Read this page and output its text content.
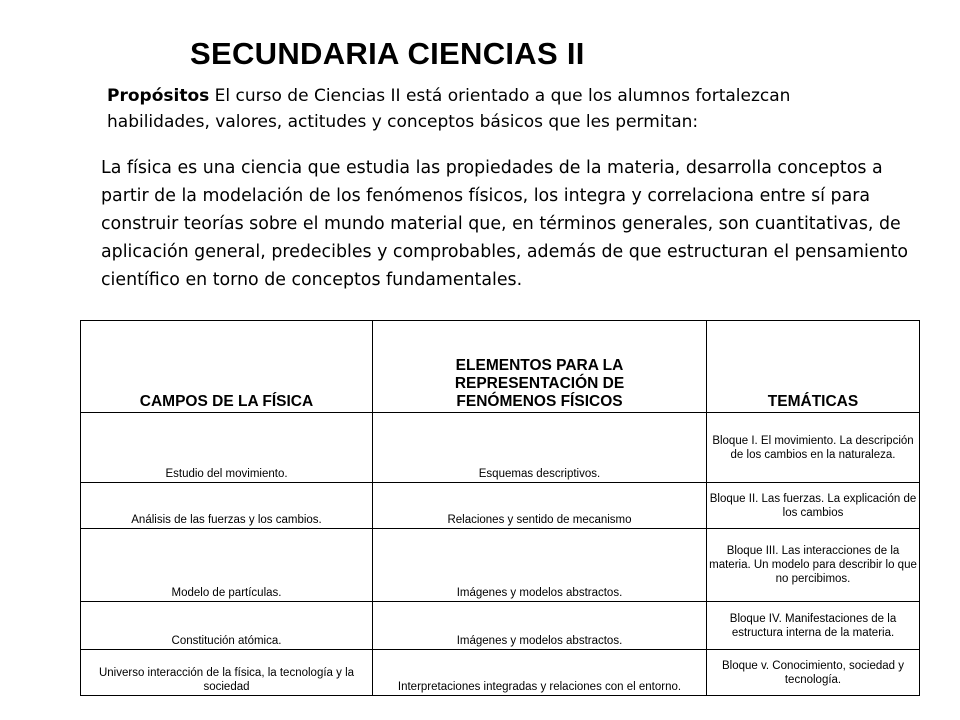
SECUNDARIA CIENCIAS II
Propósitos El curso de Ciencias II está orientado a que los alumnos fortalezcan habilidades, valores, actitudes y conceptos básicos que les permitan:
La física es una ciencia que estudia las propiedades de la materia, desarrolla conceptos a partir de la modelación de los fenómenos físicos, los integra y correlaciona entre sí para construir teorías sobre el mundo material que, en términos generales, son cuantitativas, de aplicación general, predecibles y comprobables, además de que estructuran el pensamiento científico en torno de conceptos fundamentales.
CAMPOS DE LA FÍSICA	ELEMENTOS PARA LA REPRESENTACIÓN DE FENÓMENOS FÍSICOS	TEMÁTICAS
Estudio del movimiento.	Esquemas descriptivos.	Bloque I. El movimiento. La descripción de los cambios en la naturaleza.
Análisis de las fuerzas y los cambios.	Relaciones y sentido de mecanismo	Bloque II. Las fuerzas. La explicación de los cambios
Modelo de partículas.	Imágenes y modelos abstractos.	Bloque III. Las interacciones de la materia. Un modelo para describir lo que no percibimos.
Constitución atómica.	Imágenes y modelos abstractos.	Bloque IV. Manifestaciones de la estructura interna de la materia.
Universo interacción de la física, la tecnología y la sociedad	Interpretaciones integradas y relaciones con el entorno.	Bloque v. Conocimiento, sociedad y tecnología.
